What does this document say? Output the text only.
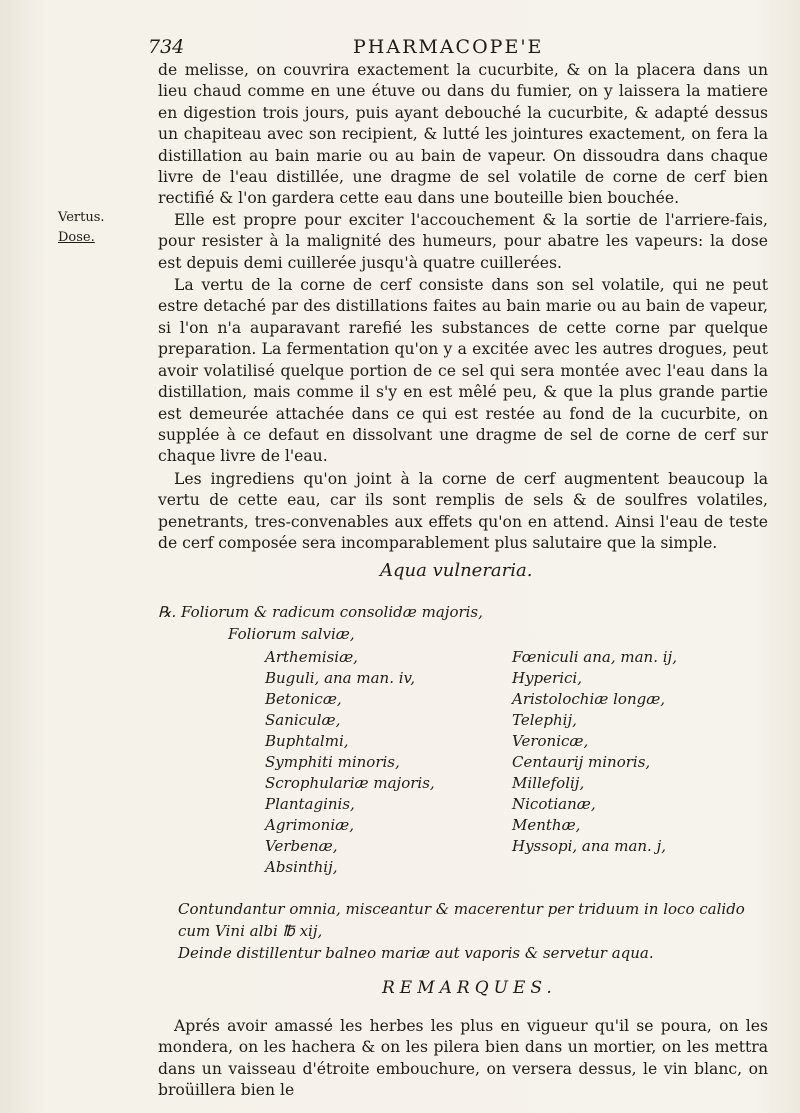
734	PHARMACOPE'E
Vertus.
Dose.

de melisse, on couvrira exactement la cucurbite, & on la placera dans un lieu chaud comme en une étuve ou dans du fumier, on y laissera la matiere en digestion trois jours, puis ayant debouché la cucurbite, & adapté dessus un chapiteau avec son recipient, & lutté les jointures exactement, on fera la distillation au bain marie ou au bain de vapeur. On dissoudra dans chaque livre de l'eau distillée, une dragme de sel volatile de corne de cerf bien rectifié & l'on gardera cette eau dans une bouteille bien bouchée.

Elle est propre pour exciter l'accouchement & la sortie de l'arriere-fais, pour resister à la malignité des humeurs, pour abatre les vapeurs: la dose est depuis demi cuillerée jusqu'à quatre cuillerées.

La vertu de la corne de cerf consiste dans son sel volatile, qui ne peut estre detaché par des distillations faites au bain marie ou au bain de vapeur, si l'on n'a auparavant rarefié les substances de cette corne par quelque preparation. La fermentation qu'on y a excitée avec les autres drogues, peut avoir volatilisé quelque portion de ce sel qui sera montée avec l'eau dans la distillation, mais comme il s'y en est mêlé peu, & que la plus grande partie est demeurée attachée dans ce qui est restée au fond de la cucurbite, on supplée à ce defaut en dissolvant une dragme de sel de corne de cerf sur chaque livre de l'eau.

Les ingrediens qu'on joint à la corne de cerf augmentent beaucoup la vertu de cette eau, car ils sont remplis de sels & de soulfres volatiles, penetrants, tres-convenables aux effets qu'on en attend. Ainsi l'eau de teste de cerf composée sera incomparablement plus salutaire que la simple.

Aqua vulneraria.
℞. Foliorum & radicum consolidæ majoris,
Foliorum salviæ,
Arthemisiæ,
Buguli, ana man. iv,
Betonicæ,
Saniculæ,
Buphtalmi,
Symphiti minoris,
Scrophulariæ majoris,
Plantaginis,
Agrimoniæ,
Verbenæ,
Absinthij,
Fœniculi ana, man. ij,
Hyperici,
Aristolochiæ longæ,
Telephij,
Veronicæ,
Centaurij minoris,
Millefolij,
Nicotianæ,
Menthæ,
Hyssopi, ana man. j,
Contundantur omnia, misceantur & macerentur per triduum in loco calido cum Vini albi ℔ xij,
Deinde distillentur balneo mariæ aut vaporis & servetur aqua.
REMARQUES.

Aprés avoir amassé les herbes les plus en vigueur qu'il se poura, on les mondera, on les hachera & on les pilera bien dans un mortier, on les mettra dans un vaisseau d'étroite embouchure, on versera dessus, le vin blanc, on broüillera bien le
